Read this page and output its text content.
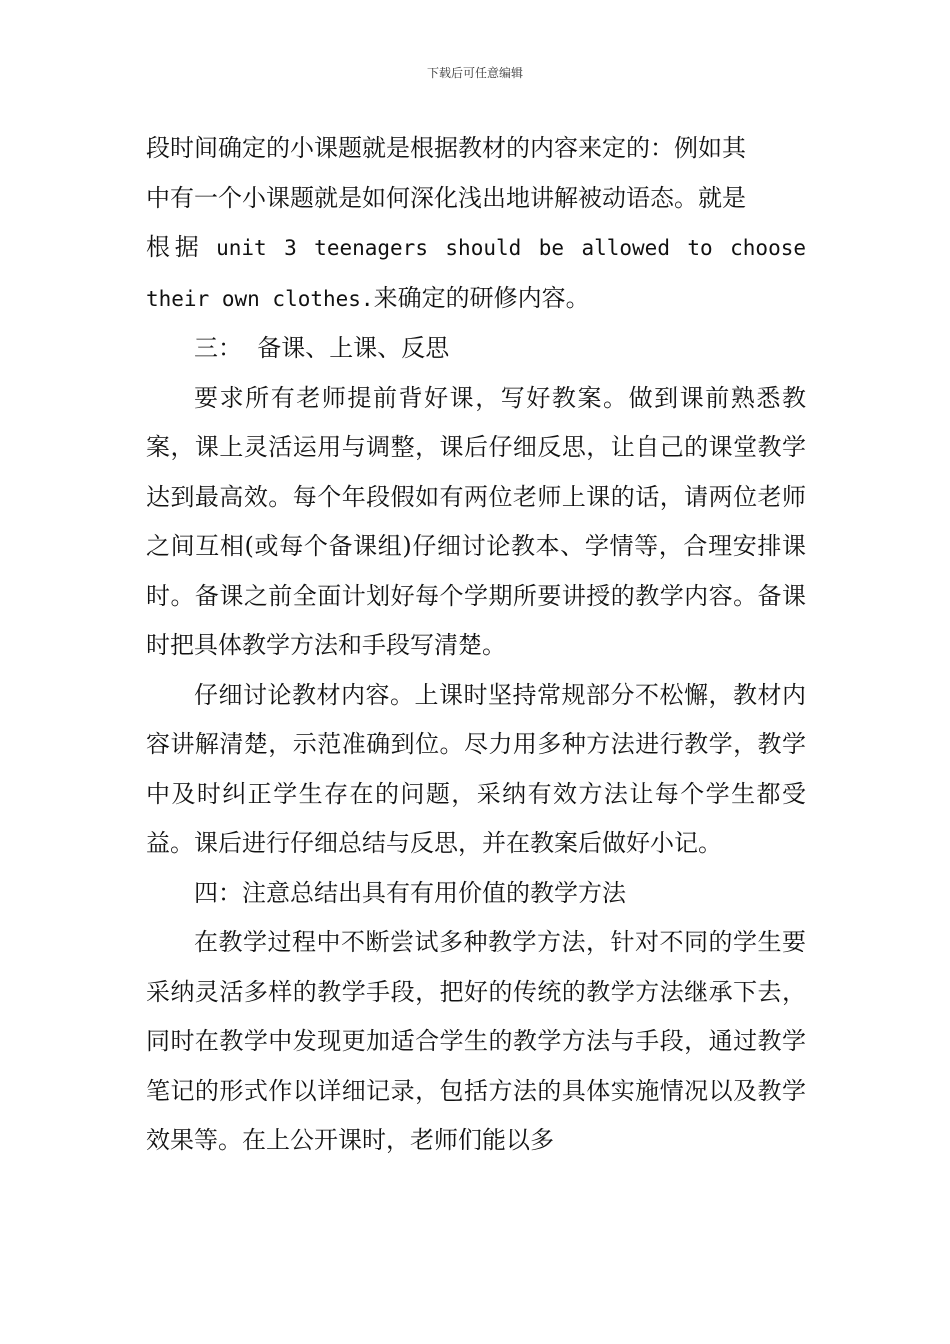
下载后可任意编辑

段时间确定的小课题就是根据教材的内容来定的：例如其
中有一个小课题就是如何深化浅出地讲解被动语态。就是

根据 unit 3 teenagers should be allowed to choose
their own clothes.来确定的研修内容。

三：  备课、上课、反思

要求所有老师提前背好课，写好教案。做到课前熟悉教案，课上灵活运用与调整，课后仔细反思，让自己的课堂教学达到最高效。每个年段假如有两位老师上课的话，请两位老师之间互相(或每个备课组)仔细讨论教本、学情等，合理安排课时。备课之前全面计划好每个学期所要讲授的教学内容。备课时把具体教学方法和手段写清楚。

仔细讨论教材内容。上课时坚持常规部分不松懈，教材内容讲解清楚，示范准确到位。尽力用多种方法进行教学，教学中及时纠正学生存在的问题，采纳有效方法让每个学生都受益。课后进行仔细总结与反思，并在教案后做好小记。

四：注意总结出具有有用价值的教学方法

在教学过程中不断尝试多种教学方法，针对不同的学生要采纳灵活多样的教学手段，把好的传统的教学方法继承下去，同时在教学中发现更加适合学生的教学方法与手段，通过教学笔记的形式作以详细记录，包括方法的具体实施情况以及教学效果等。在上公开课时，老师们能以多
